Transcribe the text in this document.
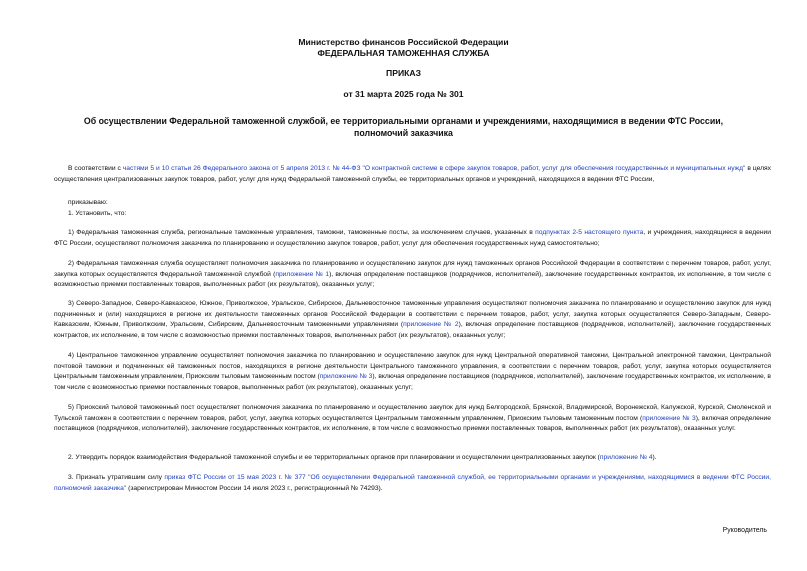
Министерство финансов Российской Федерации
ФЕДЕРАЛЬНАЯ ТАМОЖЕННАЯ СЛУЖБА
ПРИКАЗ
от 31 марта 2025 года № 301
Об осуществлении Федеральной таможенной службой, ее территориальными органами и учреждениями, находящимися в ведении ФТС России, полномочий заказчика
В соответствии с частями 5 и 10 статьи 26 Федерального закона от 5 апреля 2013 г. № 44-ФЗ "О контрактной системе в сфере закупок товаров, работ, услуг для обеспечения государственных и муниципальных нужд" в целях осуществления централизованных закупок товаров, работ, услуг для нужд Федеральной таможенной службы, ее территориальных органов и учреждений, находящихся в ведении ФТС России,
приказываю:
1. Установить, что:
1) Федеральная таможенная служба, региональные таможенные управления, таможни, таможенные посты, за исключением случаев, указанных в подпунктах 2-5 настоящего пункта, и учреждения, находящиеся в ведении ФТС России, осуществляют полномочия заказчика по планированию и осуществлению закупок товаров, работ, услуг для обеспечения государственных нужд самостоятельно;
2) Федеральная таможенная служба осуществляет полномочия заказчика по планированию и осуществлению закупок для нужд таможенных органов Российской Федерации в соответствии с перечнем товаров, работ, услуг, закупка которых осуществляется Федеральной таможенной службой (приложение № 1), включая определение поставщиков (подрядчиков, исполнителей), заключение государственных контрактов, их исполнение, в том числе с возможностью приемки поставленных товаров, выполненных работ (их результатов), оказанных услуг;
3) Северо-Западное, Северо-Кавказское, Южное, Приволжское, Уральское, Сибирское, Дальневосточное таможенные управления осуществляют полномочия заказчика по планированию и осуществлению закупок для нужд подчиненных и (или) находящихся в регионе их деятельности таможенных органов Российской Федерации в соответствии с перечнем товаров, работ, услуг, закупка которых осуществляется Северо-Западным, Северо-Кавказским, Южным, Приволжским, Уральским, Сибирским, Дальневосточным таможенными управлениями (приложение № 2), включая определение поставщиков (подрядчиков, исполнителей), заключение государственных контрактов, их исполнение, в том числе с возможностью приемки поставленных товаров, выполненных работ (их результатов), оказанных услуг;
4) Центральное таможенное управление осуществляет полномочия заказчика по планированию и осуществлению закупок для нужд Центральной оперативной таможни, Центральной электронной таможни, Центральной почтовой таможни и подчиненных ей таможенных постов, находящихся в регионе деятельности Центрального таможенного управления, в соответствии с перечнем товаров, работ, услуг, закупка которых осуществляется Центральным таможенным управлением, Приокским тыловым таможенным постом (приложение № 3), включая определение поставщиков (подрядчиков, исполнителей), заключение государственных контрактов, их исполнение, в том числе с возможностью приемки поставленных товаров, выполненных работ (их результатов), оказанных услуг;
5) Приокский тыловой таможенный пост осуществляет полномочия заказчика по планированию и осуществлению закупок для нужд Белгородской, Брянской, Владимирской, Воронежской, Калужской, Курской, Смоленской и Тульской таможен в соответствии с перечнем товаров, работ, услуг, закупка которых осуществляется Центральным таможенным управлением, Приокским тыловым таможенным постом (приложение № 3), включая определение поставщиков (подрядчиков, исполнителей), заключение государственных контрактов, их исполнение, в том числе с возможностью приемки поставленных товаров, выполненных работ (их результатов), оказанных услуг.
2. Утвердить порядок взаимодействия Федеральной таможенной службы и ее территориальных органов при планировании и осуществлении централизованных закупок (приложение № 4).
3. Признать утратившим силу приказ ФТС России от 15 мая 2023 г. № 377 "Об осуществлении Федеральной таможенной службой, ее территориальными органами и учреждениями, находящимися в ведении ФТС России, полномочий заказчика" (зарегистрирован Минюстом России 14 июля 2023 г., регистрационный № 74293).
Руководитель
